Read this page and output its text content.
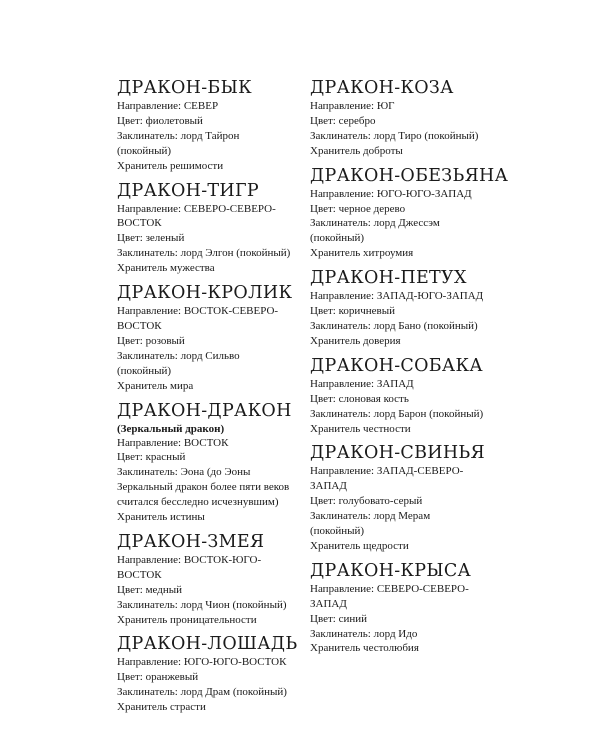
ДРАКОН-БЫК
Направление: СЕВЕР
Цвет: фиолетовый
Заклинатель: лорд Тайрон
(покойный)
Хранитель решимости
ДРАКОН-ТИГР
Направление: СЕВЕРО-СЕВЕРО-
ВОСТОК
Цвет: зеленый
Заклинатель: лорд Элгон (покойный)
Хранитель мужества
ДРАКОН-КРОЛИК
Направление: ВОСТОК-СЕВЕРО-
ВОСТОК
Цвет: розовый
Заклинатель: лорд Сильво
(покойный)
Хранитель мира
ДРАКОН-ДРАКОН
(Зеркальный дракон)
Направление: ВОСТОК
Цвет: красный
Заклинатель: Эона (до Эоны
Зеркальный дракон более пяти веков
считался бесследно исчезнувшим)
Хранитель истины
ДРАКОН-ЗМЕЯ
Направление: ВОСТОК-ЮГО-
ВОСТОК
Цвет: медный
Заклинатель: лорд Чион (покойный)
Хранитель проницательности
ДРАКОН-ЛОШАДЬ
Направление: ЮГО-ЮГО-ВОСТОК
Цвет: оранжевый
Заклинатель: лорд Драм (покойный)
Хранитель страсти
ДРАКОН-КОЗА
Направление: ЮГ
Цвет: серебро
Заклинатель: лорд Тиро (покойный)
Хранитель доброты
ДРАКОН-ОБЕЗЬЯНА
Направление: ЮГО-ЮГО-ЗАПАД
Цвет: черное дерево
Заклинатель: лорд Джессэм
(покойный)
Хранитель хитроумия
ДРАКОН-ПЕТУХ
Направление: ЗАПАД-ЮГО-ЗАПАД
Цвет: коричневый
Заклинатель: лорд Бано (покойный)
Хранитель доверия
ДРАКОН-СОБАКА
Направление: ЗАПАД
Цвет: слоновая кость
Заклинатель: лорд Барон (покойный)
Хранитель честности
ДРАКОН-СВИНЬЯ
Направление: ЗАПАД-СЕВЕРО-
ЗАПАД
Цвет: голубовато-серый
Заклинатель: лорд Мерам
(покойный)
Хранитель щедрости
ДРАКОН-КРЫСА
Направление: СЕВЕРО-СЕВЕРО-
ЗАПАД
Цвет: синий
Заклинатель: лорд Идо
Хранитель честолюбия
